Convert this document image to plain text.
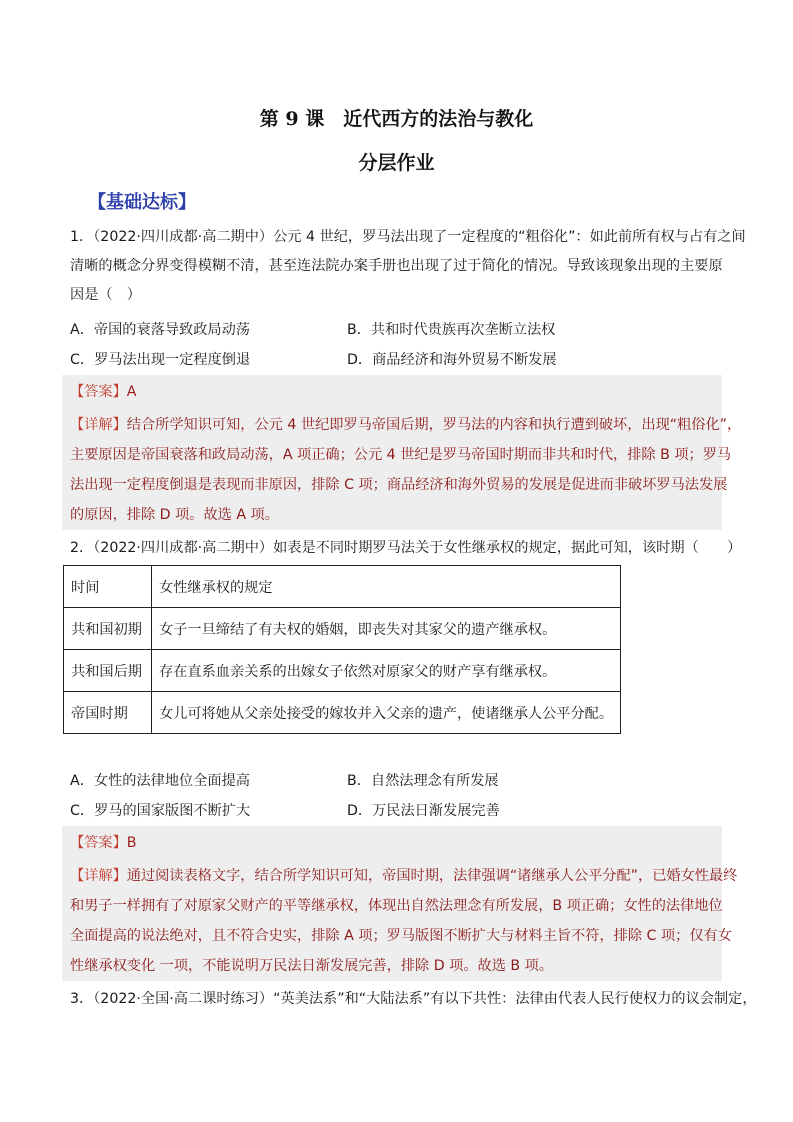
第 9 课　近代西方的法治与教化
分层作业
【基础达标】
1．（2022·四川成都·高二期中）公元 4 世纪，罗马法出现了一定程度的“粗俗化”：如此前所有权与占有之间
清晰的概念分界变得模糊不清，甚至连法院办案手册也出现了过于简化的情况。导致该现象出现的主要原
因是（　）
A．帝国的衰落导致政局动荡	B．共和时代贵族再次垄断立法权
C．罗马法出现一定程度倒退	D．商品经济和海外贸易不断发展
【答案】A
【详解】结合所学知识可知，公元 4 世纪即罗马帝国后期，罗马法的内容和执行遭到破坏，出现“粗俗化”，
主要原因是帝国衰落和政局动荡，A 项正确；公元 4 世纪是罗马帝国时期而非共和时代，排除 B 项；罗马
法出现一定程度倒退是表现而非原因，排除 C 项；商品经济和海外贸易的发展是促进而非破坏罗马法发展
的原因，排除 D 项。故选 A 项。
2．（2022·四川成都·高二期中）如表是不同时期罗马法关于女性继承权的规定，据此可知，该时期（　　）
时间	女性继承权的规定
共和国初期	女子一旦缔结了有夫权的婚姻，即丧失对其家父的遗产继承权。
共和国后期	存在直系血亲关系的出嫁女子依然对原家父的财产享有继承权。
帝国时期	女儿可将她从父亲处接受的嫁妆并入父亲的遗产，使诸继承人公平分配。
A．女性的法律地位全面提高	B．自然法理念有所发展
C．罗马的国家版图不断扩大	D．万民法日渐发展完善
【答案】B
【详解】通过阅读表格文字，结合所学知识可知，帝国时期，法律强调“诸继承人公平分配”，已婚女性最终
和男子一样拥有了对原家父财产的平等继承权，体现出自然法理念有所发展，B 项正确；女性的法律地位
全面提高的说法绝对，且不符合史实，排除 A 项；罗马版图不断扩大与材料主旨不符，排除 C 项；仅有女
性继承权变化 一项，不能说明万民法日渐发展完善，排除 D 项。故选 B 项。
3．（2022·全国·高二课时练习）“英美法系”和“大陆法系”有以下共性：法律由代表人民行使权力的议会制定，
